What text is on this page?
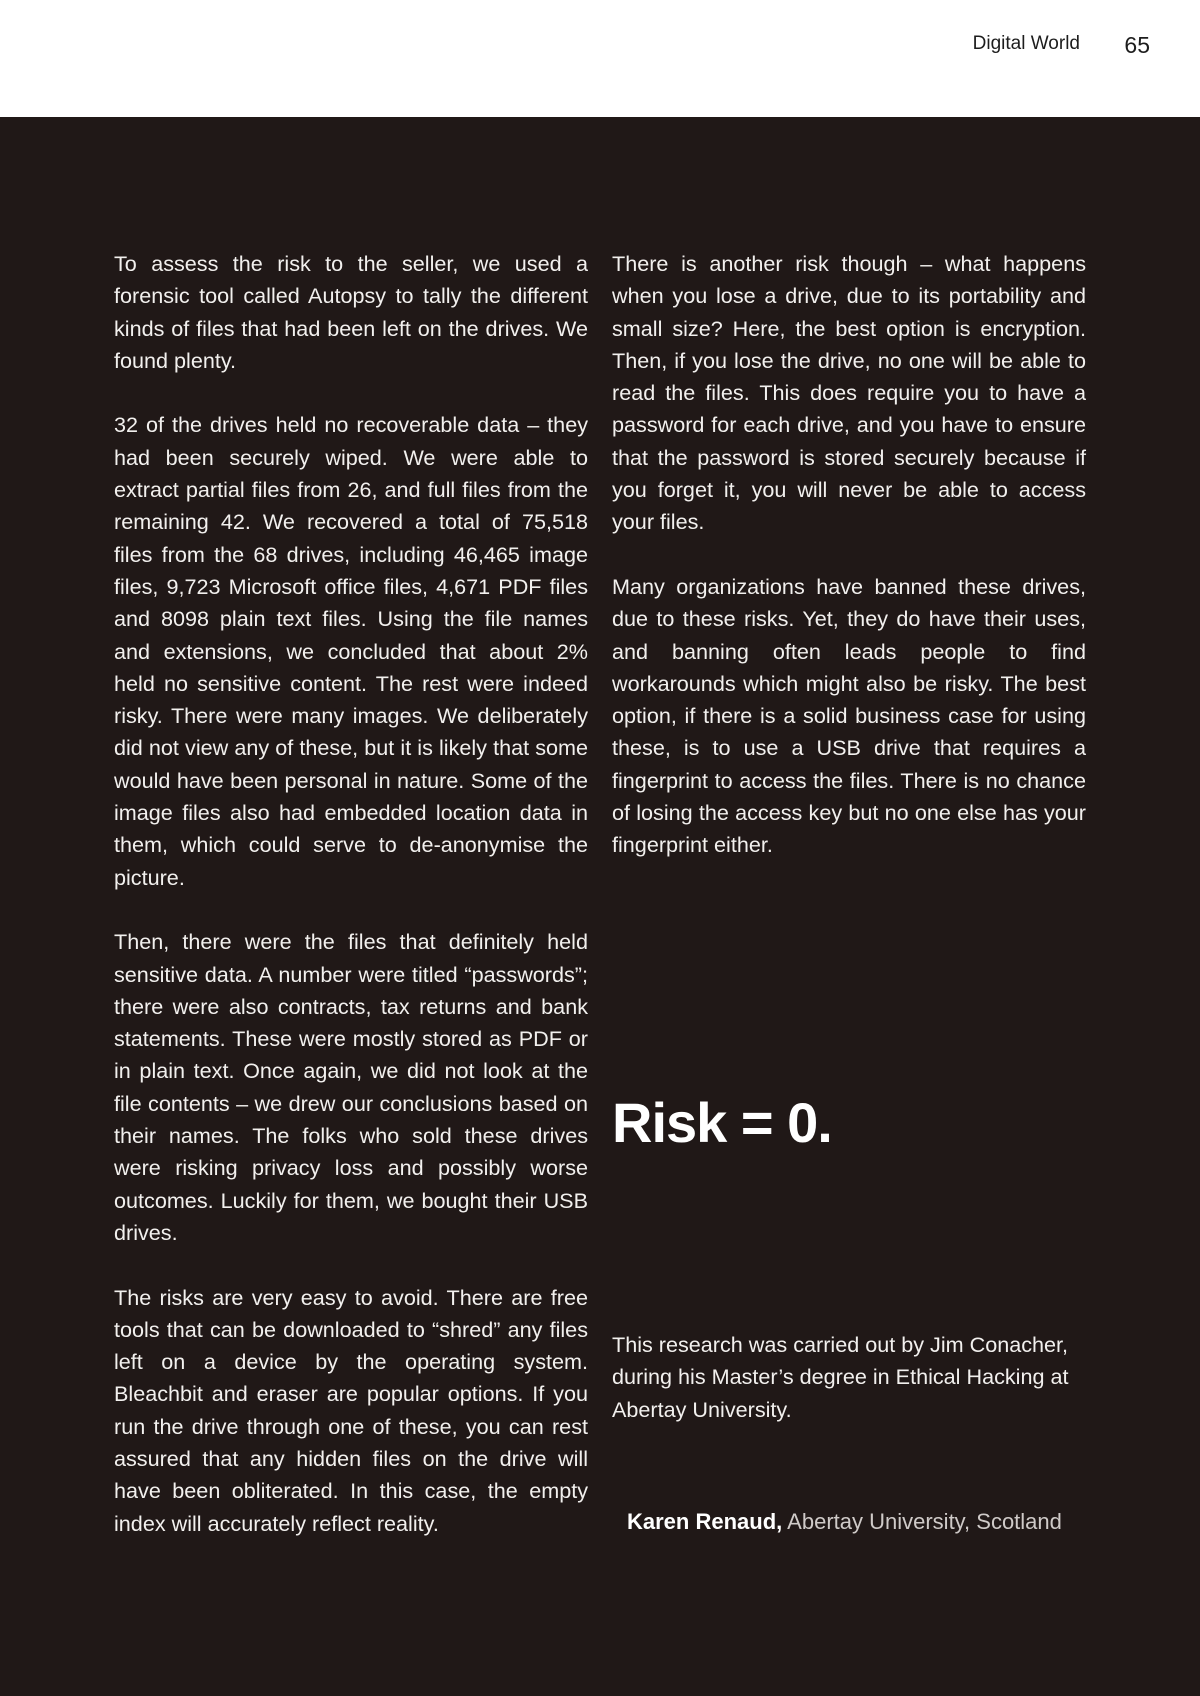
Digital World 65

To assess the risk to the seller, we used a forensic tool called Autopsy to tally the different kinds of files that had been left on the drives. We found plenty.

32 of the drives held no recoverable data – they had been securely wiped. We were able to extract partial files from 26, and full files from the remaining 42. We recovered a total of 75,518 files from the 68 drives, including 46,465 image files, 9,723 Microsoft office files, 4,671 PDF files and 8098 plain text files. Using the file names and extensions, we concluded that about 2% held no sensitive content. The rest were indeed risky. There were many images. We deliberately did not view any of these, but it is likely that some would have been personal in nature. Some of the image files also had embedded location data in them, which could serve to de-anonymise the picture.

Then, there were the files that definitely held sensitive data. A number were titled “passwords”; there were also contracts, tax returns and bank statements. These were mostly stored as PDF or in plain text. Once again, we did not look at the file contents – we drew our conclusions based on their names. The folks who sold these drives were risking privacy loss and possibly worse outcomes. Luckily for them, we bought their USB drives.

The risks are very easy to avoid. There are free tools that can be downloaded to “shred” any files left on a device by the operating system. Bleachbit and eraser are popular options. If you run the drive through one of these, you can rest assured that any hidden files on the drive will have been obliterated. In this case, the empty index will accurately reflect reality.

There is another risk though – what happens when you lose a drive, due to its portability and small size? Here, the best option is encryption. Then, if you lose the drive, no one will be able to read the files. This does require you to have a password for each drive, and you have to ensure that the password is stored securely because if you forget it, you will never be able to access your files.

Many organizations have banned these drives, due to these risks. Yet, they do have their uses, and banning often leads people to find workarounds which might also be risky. The best option, if there is a solid business case for using these, is to use a USB drive that requires a fingerprint to access the files. There is no chance of losing the access key but no one else has your fingerprint either.

Risk = 0.
This research was carried out by Jim Conacher, during his Master’s degree in Ethical Hacking at Abertay University.
Karen Renaud, Abertay University, Scotland
